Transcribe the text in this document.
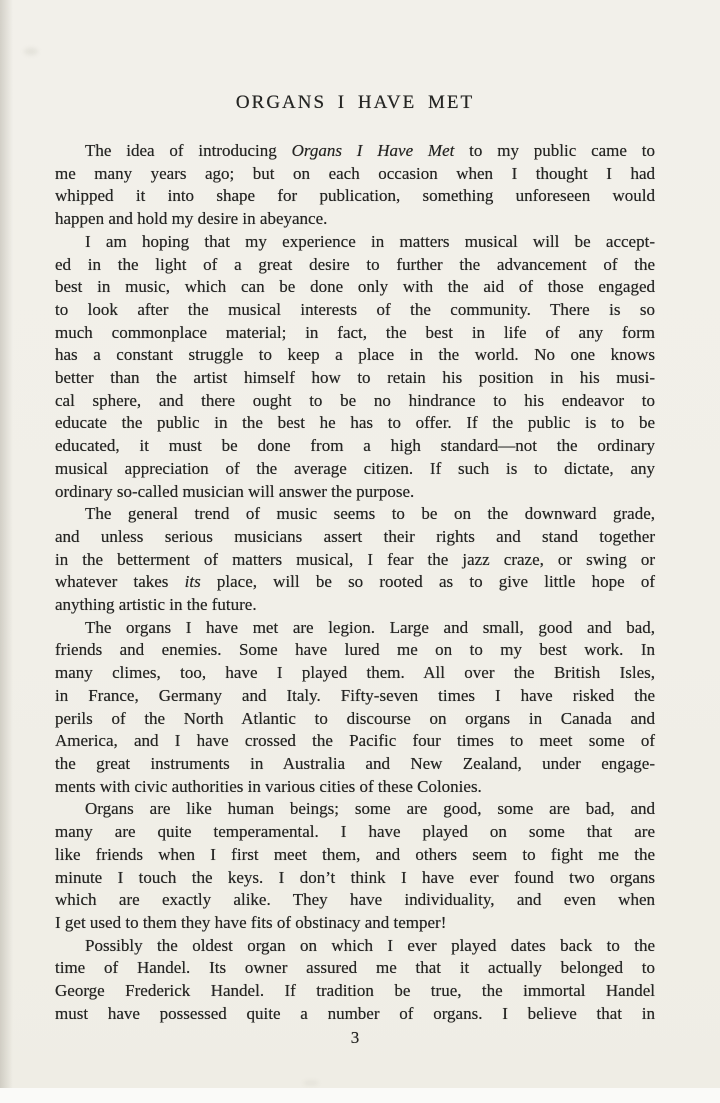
ORGANS I HAVE MET
The idea of introducing Organs I Have Met to my public came to
me many years ago; but on each occasion when I thought I had
whipped it into shape for publication, something unforeseen would
happen and hold my desire in abeyance.
I am hoping that my experience in matters musical will be accept-
ed in the light of a great desire to further the advancement of the
best in music, which can be done only with the aid of those engaged
to look after the musical interests of the community. There is so
much commonplace material; in fact, the best in life of any form
has a constant struggle to keep a place in the world. No one knows
better than the artist himself how to retain his position in his musi-
cal sphere, and there ought to be no hindrance to his endeavor to
educate the public in the best he has to offer. If the public is to be
educated, it must be done from a high standard—not the ordinary
musical appreciation of the average citizen. If such is to dictate, any
ordinary so-called musician will answer the purpose.
The general trend of music seems to be on the downward grade,
and unless serious musicians assert their rights and stand together
in the betterment of matters musical, I fear the jazz craze, or swing or
whatever takes its place, will be so rooted as to give little hope of
anything artistic in the future.
The organs I have met are legion. Large and small, good and bad,
friends and enemies. Some have lured me on to my best work. In
many climes, too, have I played them. All over the British Isles,
in France, Germany and Italy. Fifty-seven times I have risked the
perils of the North Atlantic to discourse on organs in Canada and
America, and I have crossed the Pacific four times to meet some of
the great instruments in Australia and New Zealand, under engage-
ments with civic authorities in various cities of these Colonies.
Organs are like human beings; some are good, some are bad, and
many are quite temperamental. I have played on some that are
like friends when I first meet them, and others seem to fight me the
minute I touch the keys. I don’t think I have ever found two organs
which are exactly alike. They have individuality, and even when
I get used to them they have fits of obstinacy and temper!
Possibly the oldest organ on which I ever played dates back to the
time of Handel. Its owner assured me that it actually belonged to
George Frederick Handel. If tradition be true, the immortal Handel
must have possessed quite a number of organs. I believe that in
3
